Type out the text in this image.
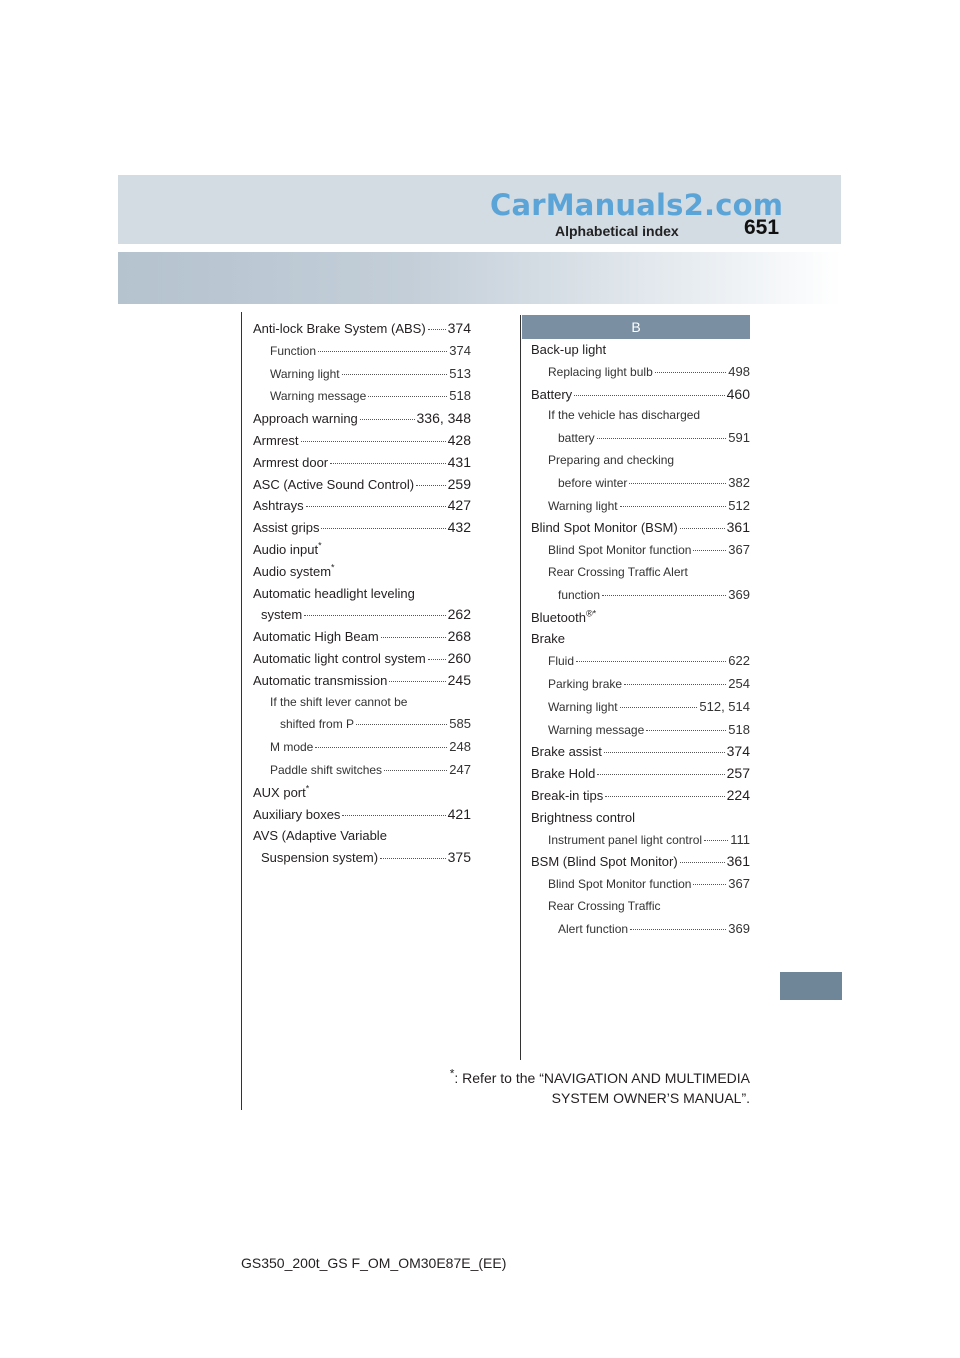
CarManuals2.com
Alphabetical index	651
Anti-lock Brake System (ABS) 374
Function	374
Warning light	513
Warning message	518
Approach warning	336, 348
Armrest	428
Armrest door	431
ASC (Active Sound Control) 259
Ashtrays	427
Assist grips	432
Audio input*
Audio system*
Automatic headlight leveling
system	262
Automatic High Beam	268
Automatic light control system 260
Automatic transmission	245
If the shift lever cannot be
shifted from P	585
M mode	248
Paddle shift switches	247
AUX port*
Auxiliary boxes	421
AVS (Adaptive Variable
Suspension system)	375
B
Back-up light
Replacing light bulb	498
Battery	460
If the vehicle has discharged
battery	591
Preparing and checking
before winter	382
Warning light	512
Blind Spot Monitor (BSM)	361
Blind Spot Monitor function	367
Rear Crossing Traffic Alert
function	369
Bluetooth®*
Brake
Fluid	622
Parking brake	254
Warning light	512, 514
Warning message	518
Brake assist	374
Brake Hold	257
Break-in tips	224
Brightness control
Instrument panel light control 111
BSM (Blind Spot Monitor)	361
Blind Spot Monitor function	367
Rear Crossing Traffic
Alert function	369
*: Refer to the “NAVIGATION AND MULTIMEDIA
SYSTEM OWNER’S MANUAL”.
GS350_200t_GS F_OM_OM30E87E_(EE)
